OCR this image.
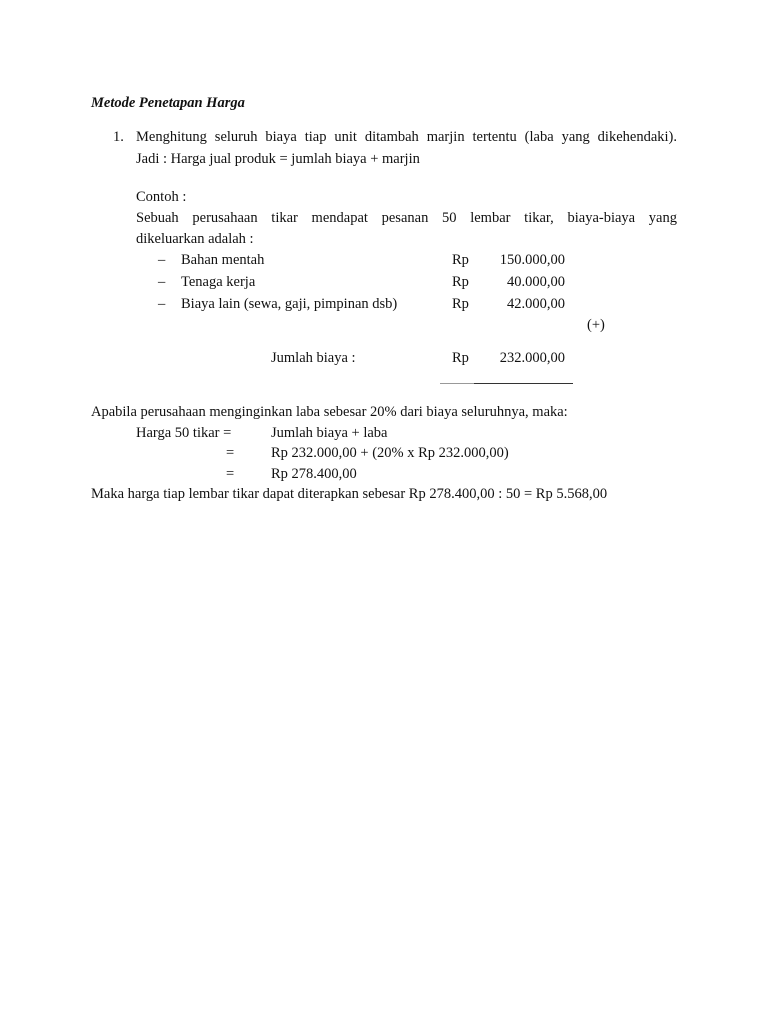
Metode Penetapan Harga
1. Menghitung seluruh biaya tiap unit ditambah marjin tertentu (laba yang dikehendaki).
Jadi : Harga jual produk = jumlah biaya + marjin
Contoh :
Sebuah perusahaan tikar mendapat pesanan 50 lembar tikar, biaya-biaya yang
dikeluarkan adalah :
– Bahan mentah	Rp	150.000,00
– Tenaga kerja	Rp	40.000,00
– Biaya lain (sewa, gaji, pimpinan dsb)	Rp	42.000,00
(+)
Jumlah biaya :	Rp	232.000,00
Apabila perusahaan menginginkan laba sebesar 20% dari biaya seluruhnya, maka:
Harga 50 tikar =	Jumlah biaya + laba
=	Rp 232.000,00 + (20% x Rp 232.000,00)
=	Rp 278.400,00
Maka harga tiap lembar tikar dapat diterapkan sebesar Rp 278.400,00 : 50 = Rp 5.568,00
